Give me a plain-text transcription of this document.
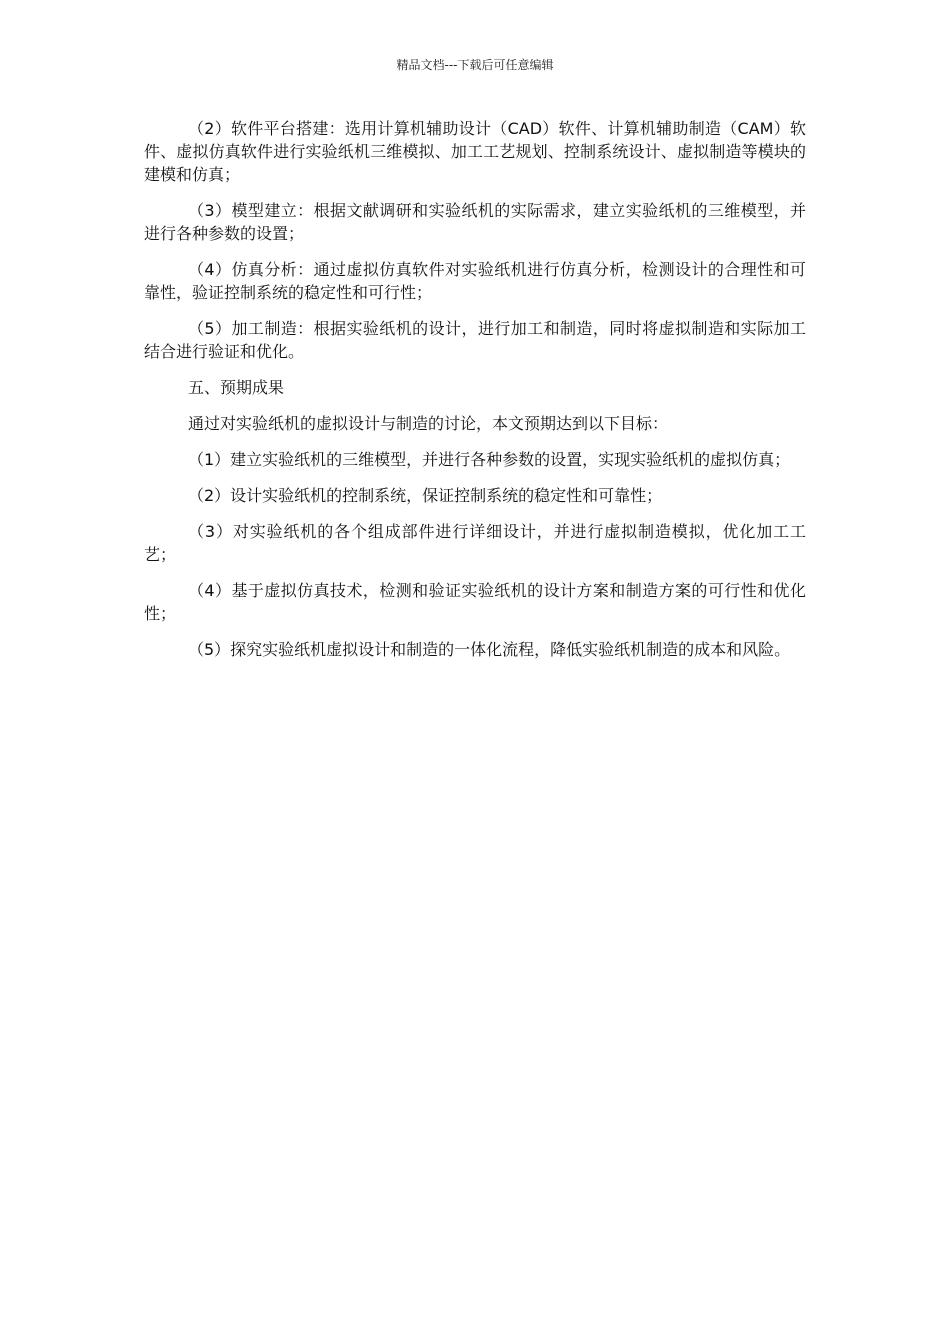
精品文档---下载后可任意编辑

（2）软件平台搭建：选用计算机辅助设计（CAD）软件、计算机辅助制造（CAM）软件、虚拟仿真软件进行实验纸机三维模拟、加工工艺规划、控制系统设计、虚拟制造等模块的建模和仿真；

（3）模型建立：根据文献调研和实验纸机的实际需求，建立实验纸机的三维模型，并进行各种参数的设置；

（4）仿真分析：通过虚拟仿真软件对实验纸机进行仿真分析，检测设计的合理性和可靠性，验证控制系统的稳定性和可行性；

（5）加工制造：根据实验纸机的设计，进行加工和制造，同时将虚拟制造和实际加工结合进行验证和优化。

五、预期成果

通过对实验纸机的虚拟设计与制造的讨论，本文预期达到以下目标：

（1）建立实验纸机的三维模型，并进行各种参数的设置，实现实验纸机的虚拟仿真；

（2）设计实验纸机的控制系统，保证控制系统的稳定性和可靠性；

（3）对实验纸机的各个组成部件进行详细设计，并进行虚拟制造模拟，优化加工工艺；

（4）基于虚拟仿真技术，检测和验证实验纸机的设计方案和制造方案的可行性和优化性；

（5）探究实验纸机虚拟设计和制造的一体化流程，降低实验纸机制造的成本和风险。
